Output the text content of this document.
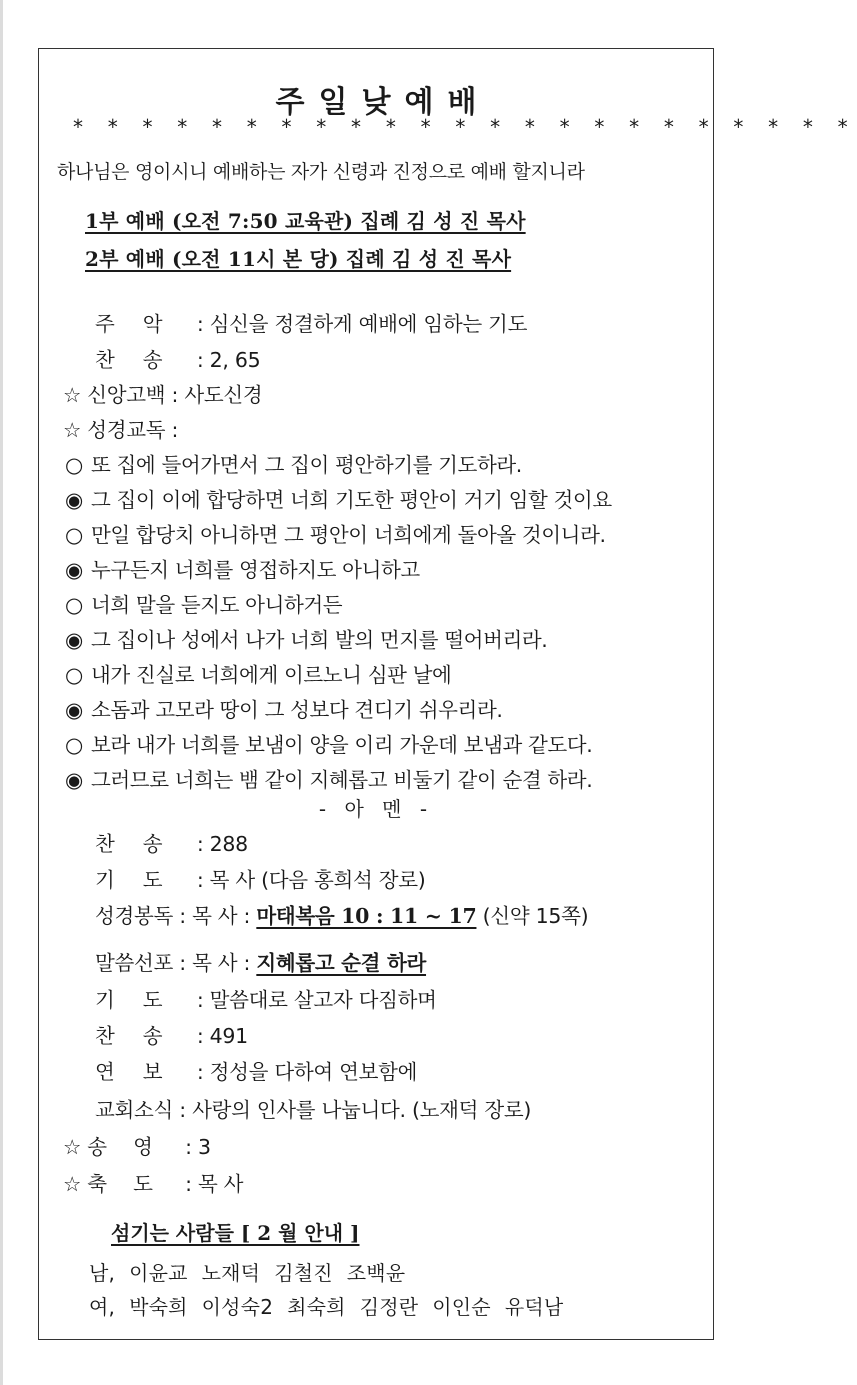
주일낮예배
* * * * * * * * * * * * * * * * * * * * * * *
하나님은 영이시니 예배하는 자가 신령과 진정으로 예배 할지니라
1부 예배 (오전 7:50 교육관) 집례 김 성 진 목사
2부 예배 (오전 11시 본 당) 집례 김 성 진 목사
주악 : 심신을 정결하게 예배에 임하는 기도
찬송 : 2, 65
☆ 신앙고백 : 사도신경
☆ 성경교독 :
○ 또 집에 들어가면서 그 집이 평안하기를 기도하라.
◉ 그 집이 이에 합당하면 너희 기도한 평안이 거기 임할 것이요
○ 만일 합당치 아니하면 그 평안이 너희에게 돌아올 것이니라.
◉ 누구든지 너희를 영접하지도 아니하고
○ 너희 말을 듣지도 아니하거든
◉ 그 집이나 성에서 나가 너희 발의 먼지를 떨어버리라.
○ 내가 진실로 너희에게 이르노니 심판 날에
◉ 소돔과 고모라 땅이 그 성보다 견디기 쉬우리라.
○ 보라 내가 너희를 보냄이 양을 이리 가운데 보냄과 같도다.
◉ 그러므로 너희는 뱀 같이 지혜롭고 비둘기 같이 순결 하라.
- 아 멘 -
찬송 : 288
기도 : 목 사 (다음 홍희석 장로)
성경봉독 : 목 사 : 마태복음 10 : 11 ~ 17 (신약 15쪽)
말씀선포 : 목 사 : 지혜롭고 순결 하라
기도 : 말씀대로 살고자 다짐하며
찬송 : 491
연보 : 정성을 다하여 연보함에
교회소식 : 사랑의 인사를 나눕니다. (노재덕 장로)
☆ 송영 : 3
☆ 축도 : 목 사
섬기는 사람들 [ 2 월 안내 ]
남, 이윤교 노재덕 김철진 조백윤
여, 박숙희 이성숙2 최숙희 김정란 이인순 유덕남
